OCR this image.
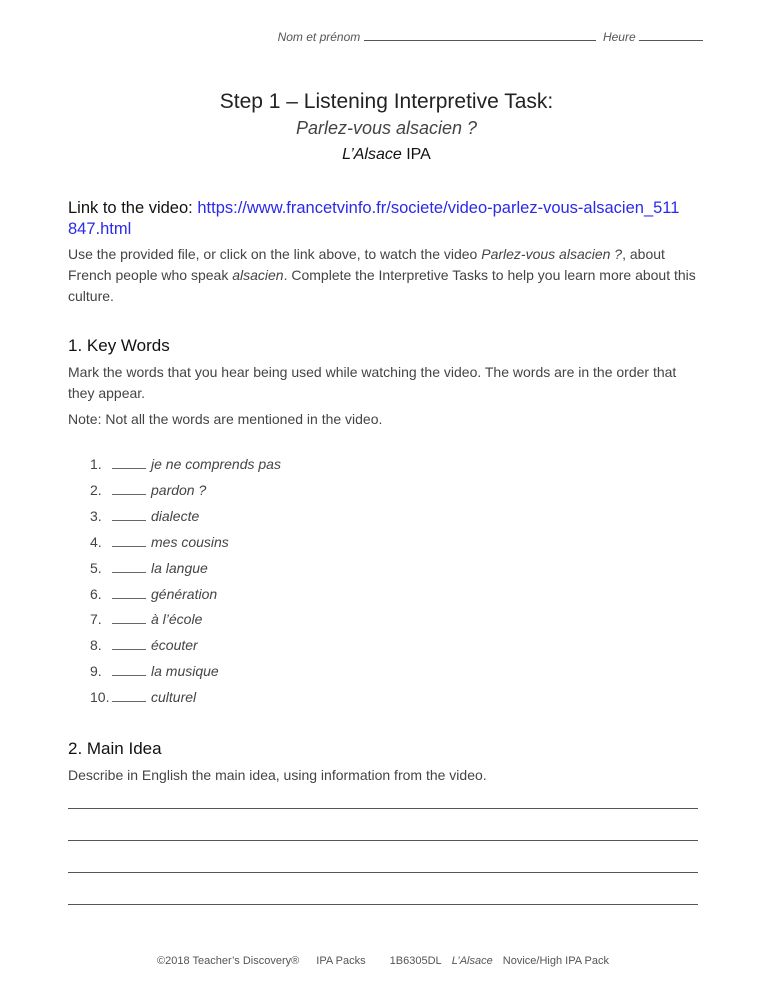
Nom et prénom	Heure
Step 1 – Listening Interpretive Task:
Parlez-vous alsacien ?
L’Alsace IPA
Link to the video: https://www.francetvinfo.fr/societe/video-parlez-vous-alsacien_511847.html
Use the provided file, or click on the link above, to watch the video Parlez-vous alsacien ?, about French people who speak alsacien. Complete the Interpretive Tasks to help you learn more about this culture.
1. Key Words
Mark the words that you hear being used while watching the video. The words are in the order that they appear.
Note: Not all the words are mentioned in the video.
1.	je ne comprends pas
2.	pardon ?
3.	dialecte
4.	mes cousins
5.	la langue
6.	génération
7.	à l’école
8.	écouter
9.	la musique
10.	culturel
2. Main Idea
Describe in English the main idea, using information from the video.
©2018 Teacher’s Discovery® IPA Packs 1B6305DL L’Alsace Novice/High IPA Pack
